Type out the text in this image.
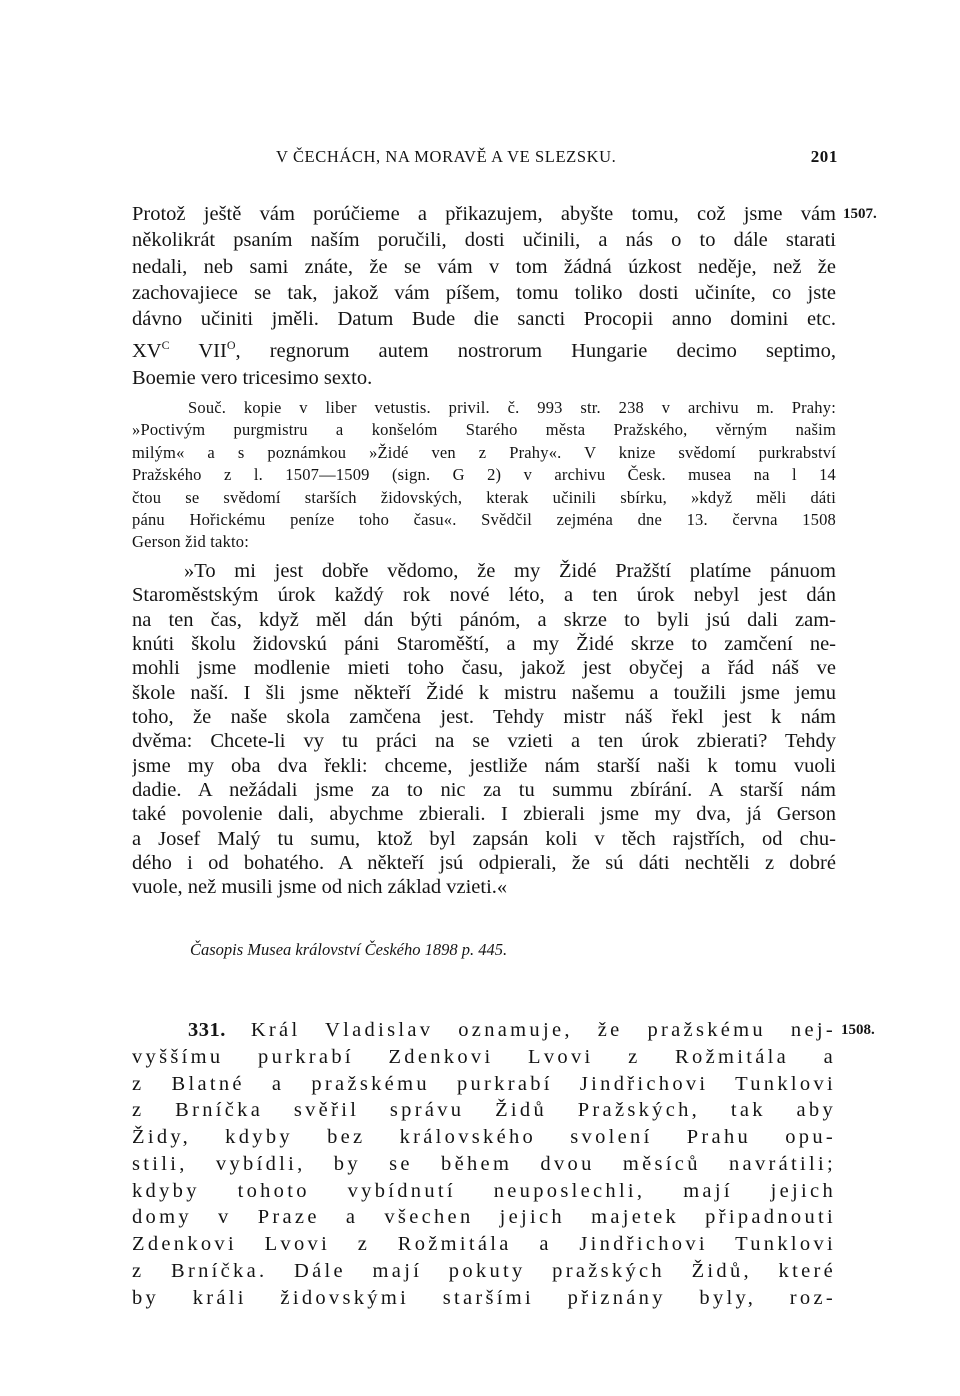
V ČECHÁCH, NA MORAVĚ A VE SLEZSKU.	201
1507.
1508.
Protož ještě vám porúčieme a přikazujem, abyšte tomu, což jsme vám
několikrát psaním naším poručili, dosti učinili, a nás o to dále starati
nedali, neb sami znáte, že se vám v tom žádná úzkost neděje, než že
zachovajiece se tak, jakož vám píšem, tomu toliko dosti učiníte, co jste
dávno učiniti jměli. Datum Bude die sancti Procopii anno domini etc.
$XV^C$ $VII^O$, regnorum autem nostrorum Hungarie decimo septimo,
Boemie vero tricesimo sexto.
Souč. kopie v liber vetustis. privil. č. 993 str. 238 v archivu m. Prahy:
»Poctivým purgmistru a konšelóm Starého města Pražského, věrným našim
milým« a s poznámkou »Židé ven z Prahy«. V knize svědomí purkrabství
Pražského z l. 1507—1509 (sign. G 2) v archivu Česk. musea na l 14
čtou se svědomí starších židovských, kterak učinili sbírku, »když měli dáti
pánu Hořickému peníze toho času«. Svědčil zejména dne 13. června 1508
Gerson žid takto:
»To mi jest dobře vědomo, že my Židé Pražští platíme pánuom
Staroměstským úrok každý rok nové léto, a ten úrok nebyl jest dán
na ten čas, když měl dán býti pánóm, a skrze to byli jsú dali zam-
knúti školu židovskú páni Staroměští, a my Židé skrze to zamčení ne-
mohli jsme modlenie mieti toho času, jakož jest obyčej a řád náš ve
škole naší. I šli jsme někteří Židé k mistru našemu a toužili jsme jemu
toho, že naše skola zamčena jest. Tehdy mistr náš řekl jest k nám
dvěma: Chcete-li vy tu práci na se vzieti a ten úrok zbierati? Tehdy
jsme my oba dva řekli: chceme, jestliže nám starší naši k tomu vuoli
dadie. A nežádali jsme za to nic za tu summu zbírání. A starší nám
také povolenie dali, abychme zbierali. I zbierali jsme my dva, já Gerson
a Josef Malý tu sumu, ktož byl zapsán koli v těch rajstřích, od chu-
dého i od bohatého. A někteří jsú odpierali, že sú dáti nechtěli z dobré
vuole, než musili jsme od nich základ vzieti.«
Časopis Musea království Českého 1898 p. 445.
331. Král Vladislav oznamuje, že pražskému nej-
vyššímu purkrabí Zdenkovi Lvovi z Rožmitála a
z Blatné a pražskému purkrabí Jindřichovi Tunklovi
z Brníčka svěřil správu Židů Pražských, tak aby
Židy, kdyby bez královského svolení Prahu opu-
stili, vybídli, by se během dvou měsíců navrátili;
kdyby tohoto vybídnutí neuposlechli, mají jejich
domy v Praze a všechen jejich majetek připadnouti
Zdenkovi Lvovi z Rožmitála a Jindřichovi Tunklovi
z Brníčka. Dále mají pokuty pražských Židů, které
by králi židovskými staršími přiznány byly, roz-
